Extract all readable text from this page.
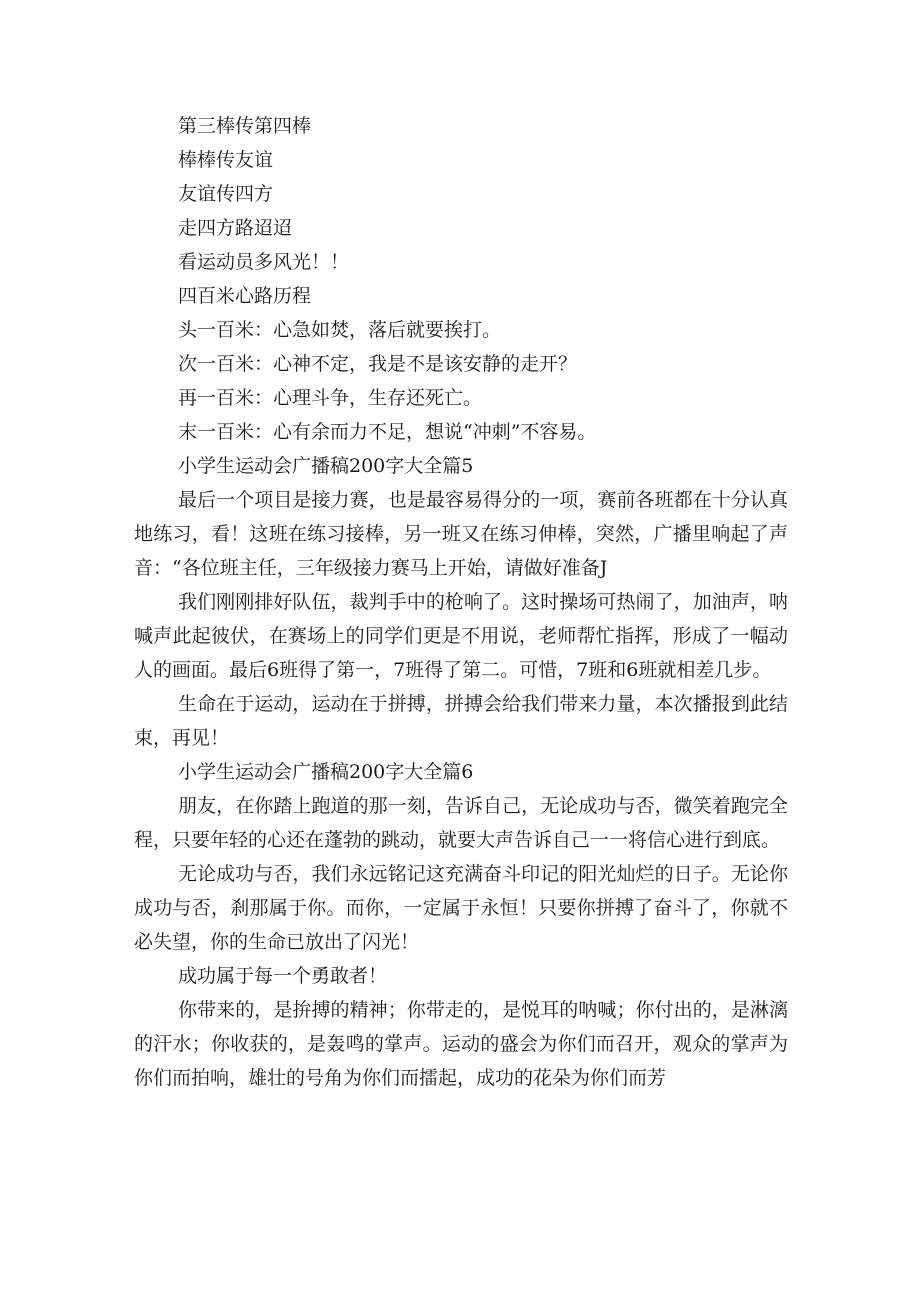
第三棒传第四棒
棒棒传友谊
友谊传四方
走四方路迢迢
看运动员多风光！！
四百米心路历程
头一百米：心急如焚，落后就要挨打。
次一百米：心神不定，我是不是该安静的走开？
再一百米：心理斗争，生存还死亡。
末一百米：心有余而力不足，想说“冲刺”不容易。
小学生运动会广播稿200字大全篇5

最后一个项目是接力赛，也是最容易得分的一项，赛前各班都在十分认真地练习，看！这班在练习接棒，另一班又在练习伸棒，突然，广播里响起了声音：“各位班主任，三年级接力赛马上开始，请做好准备J

我们刚刚排好队伍，裁判手中的枪响了。这时操场可热闹了，加油声，呐喊声此起彼伏，在赛场上的同学们更是不用说，老师帮忙指挥，形成了一幅动人的画面。最后6班得了第一，7班得了第二。可惜，7班和6班就相差几步。

生命在于运动，运动在于拼搏，拼搏会给我们带来力量，本次播报到此结束，再见！

小学生运动会广播稿200字大全篇6

朋友，在你踏上跑道的那一刻，告诉自己，无论成功与否，微笑着跑完全程，只要年轻的心还在蓬勃的跳动，就要大声告诉自己一一将信心进行到底。

无论成功与否，我们永远铭记这充满奋斗印记的阳光灿烂的日子。无论你成功与否，刹那属于你。而你，一定属于永恒！只要你拼搏了奋斗了，你就不必失望，你的生命已放出了闪光！

成功属于每一个勇敢者！

你带来的，是拚搏的精神；你带走的，是悦耳的呐喊；你付出的，是淋漓的汗水；你收获的，是轰鸣的掌声。运动的盛会为你们而召开，观众的掌声为你们而拍响，雄壮的号角为你们而擂起，成功的花朵为你们而芳
